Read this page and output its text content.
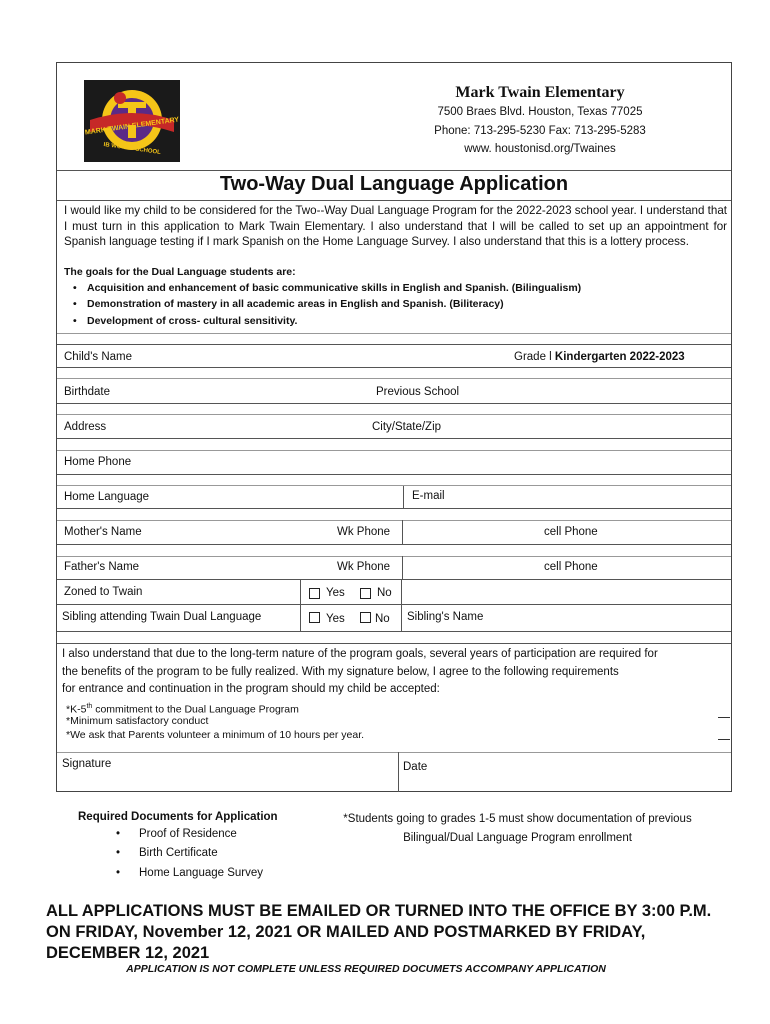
MARK TWAIN ELEMENTARY
IB WORLD SCHOOL
Mark Twain Elementary
7500 Braes Blvd. Houston, Texas 77025
Phone: 713-295-5230 Fax: 713-295-5283
www. houstonisd.org/Twaines
Two-Way Dual Language Application
I would like my child to be considered for the Two--Way Dual Language Program for the 2022-2023 school year. I understand that I must turn in this application to Mark Twain Elementary. I also understand that I will be called to set up an appointment for Spanish language testing if I mark Spanish on the Home Language Survey. I also understand that this is a lottery process.
The goals for the Dual Language students are:
• Acquisition and enhancement of basic communicative skills in English and Spanish. (Bilingualism)
• Demonstration of mastery in all academic areas in English and Spanish. (Biliteracy)
• Development of cross- cultural sensitivity.
Child's Name	Grade l Kindergarten 2022-2023
Birthdate	Previous School
Address	City/State/Zip
Home Phone
Home Language	E-mail
Mother's Name	Wk Phone	cell Phone
Father's Name	Wk Phone	cell Phone
Zoned to Twain	Yes	No
Sibling attending Twain Dual Language	Yes	No Sibling's Name
I also understand that due to the long-term nature of the program goals, several years of participation are required for
the benefits of the program to be fully realized. With my signature below, I agree to the following requirements
for entrance and continuation in the program should my child be accepted:
*K-5th commitment to the Dual Language Program
*Minimum satisfactory conduct
*We ask that Parents volunteer a minimum of 10 hours per year.
Signature	Date
Required Documents for Application
• Proof of Residence
• Birth Certificate
• Home Language Survey
*Students going to grades 1-5 must show documentation of previous Bilingual/Dual Language Program enrollment
ALL APPLICATIONS MUST BE EMAILED OR TURNED INTO THE OFFICE BY 3:00 P.M.
ON FRIDAY, November 12, 2021 OR MAILED AND POSTMARKED BY FRIDAY,
DECEMBER 12, 2021
APPLICATION IS NOT COMPLETE UNLESS REQUIRED DOCUMETS ACCOMPANY APPLICATION
